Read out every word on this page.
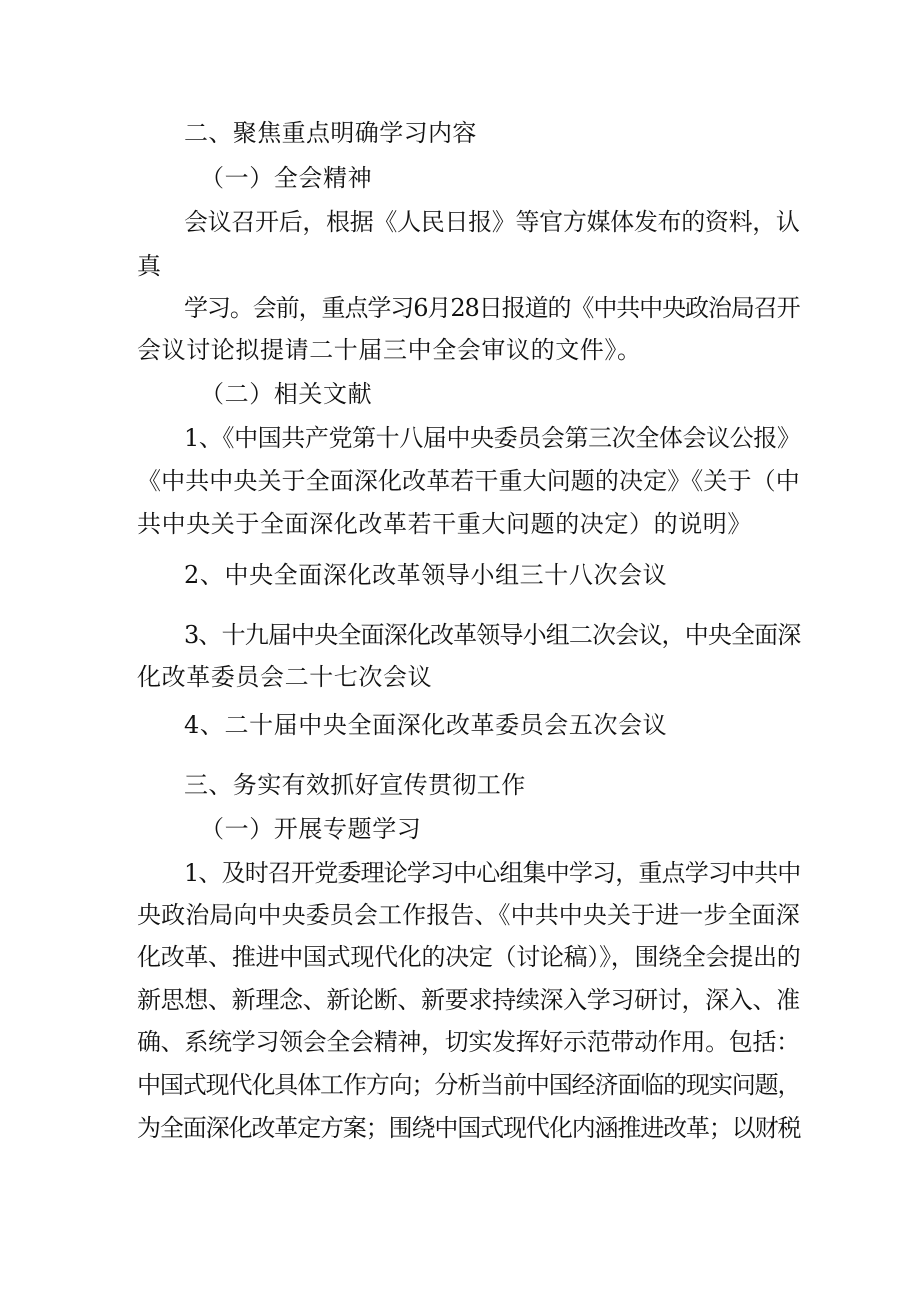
二、聚焦重点明确学习内容
（一）全会精神
会议召开后，根据《人民日报》等官方媒体发布的资料，认
真
学习。会前，重点学习6月28日报道的《中共中央政治局召开
会议讨论拟提请二十届三中全会审议的文件》。
（二）相关文献
1、《中国共产党第十八届中央委员会第三次全体会议公报》
《中共中央关于全面深化改革若干重大问题的决定》《关于（中
共中央关于全面深化改革若干重大问题的决定）的说明》
2、中央全面深化改革领导小组三十八次会议
3、十九届中央全面深化改革领导小组二次会议，中央全面深
化改革委员会二十七次会议
4、二十届中央全面深化改革委员会五次会议
三、务实有效抓好宣传贯彻工作
（一）开展专题学习
1、及时召开党委理论学习中心组集中学习，重点学习中共中
央政治局向中央委员会工作报告、《中共中央关于进一步全面深
化改革、推进中国式现代化的决定（讨论稿）》，围绕全会提出的
新思想、新理念、新论断、新要求持续深入学习研讨，深入、准
确、系统学习领会全会精神，切实发挥好示范带动作用。包括：
中国式现代化具体工作方向；分析当前中国经济面临的现实问题，
为全面深化改革定方案；围绕中国式现代化内涵推进改革；以财税
